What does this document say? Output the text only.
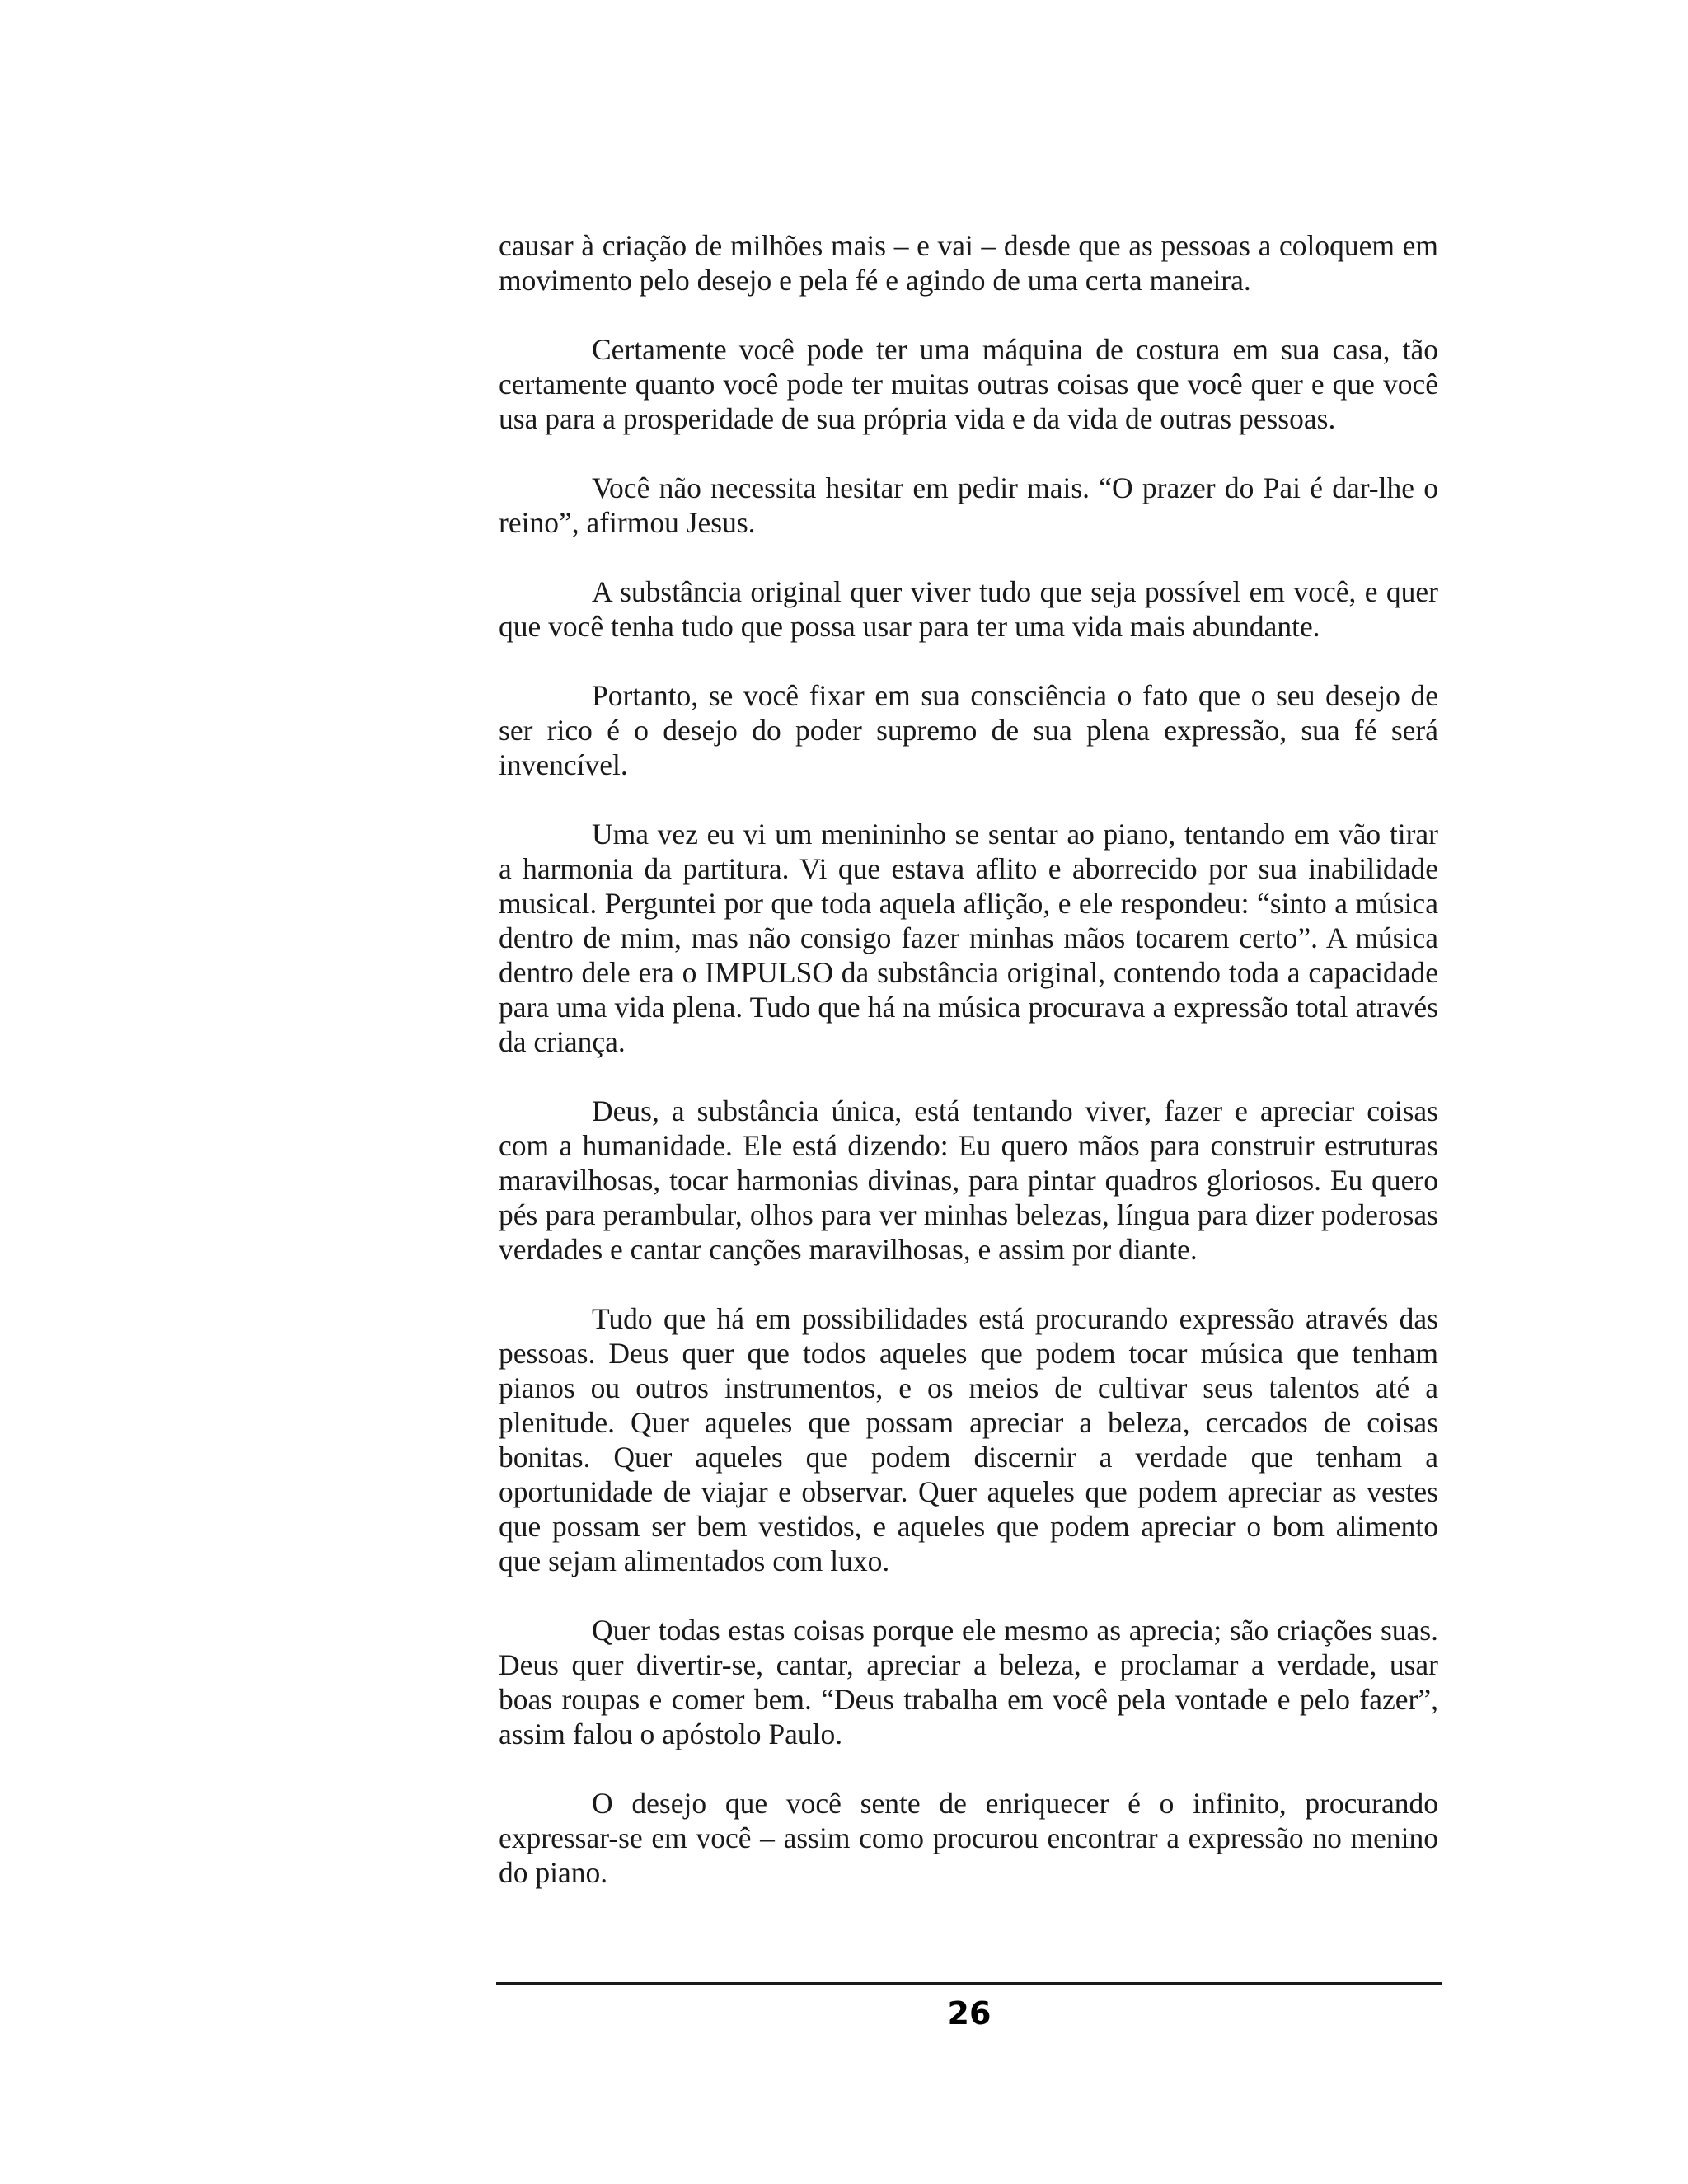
causar à criação de milhões mais – e vai – desde que as pessoas a coloquem em movimento pelo desejo e pela fé e agindo de uma certa maneira.

Certamente você pode ter uma máquina de costura em sua casa, tão certamente quanto você pode ter muitas outras coisas que você quer e que você usa para a prosperidade de sua própria vida e da vida de outras pessoas.

Você não necessita hesitar em pedir mais. “O prazer do Pai é dar-lhe o reino”, afirmou Jesus.

A substância original quer viver tudo que seja possível em você, e quer que você tenha tudo que possa usar para ter uma vida mais abundante.

Portanto, se você fixar em sua consciência o fato que o seu desejo de ser rico é o desejo do poder supremo de sua plena expressão, sua fé será invencível.

Uma vez eu vi um menininho se sentar ao piano, tentando em vão tirar a harmonia da partitura. Vi que estava aflito e aborrecido por sua inabilidade musical. Perguntei por que toda aquela aflição, e ele respondeu: “sinto a música dentro de mim, mas não consigo fazer minhas mãos tocarem certo”. A música dentro dele era o IMPULSO da substância original, contendo toda a capacidade para uma vida plena. Tudo que há na música procurava a expressão total através da criança.

Deus, a substância única, está tentando viver, fazer e apreciar coisas com a humanidade. Ele está dizendo: Eu quero mãos para construir estruturas maravilhosas, tocar harmonias divinas, para pintar quadros gloriosos. Eu quero pés para perambular, olhos para ver minhas belezas, língua para dizer poderosas verdades e cantar canções maravilhosas, e assim por diante.

Tudo que há em possibilidades está procurando expressão através das pessoas. Deus quer que todos aqueles que podem tocar música que tenham pianos ou outros instrumentos, e os meios de cultivar seus talentos até a plenitude. Quer aqueles que possam apreciar a beleza, cercados de coisas bonitas. Quer aqueles que podem discernir a verdade que tenham a oportunidade de viajar e observar. Quer aqueles que podem apreciar as vestes que possam ser bem vestidos, e aqueles que podem apreciar o bom alimento que sejam alimentados com luxo.

Quer todas estas coisas porque ele mesmo as aprecia; são criações suas. Deus quer divertir-se, cantar, apreciar a beleza, e proclamar a verdade, usar boas roupas e comer bem. “Deus trabalha em você pela vontade e pelo fazer”, assim falou o apóstolo Paulo.

O desejo que você sente de enriquecer é o infinito, procurando expressar-se em você – assim como procurou encontrar a expressão no menino do piano.

26
